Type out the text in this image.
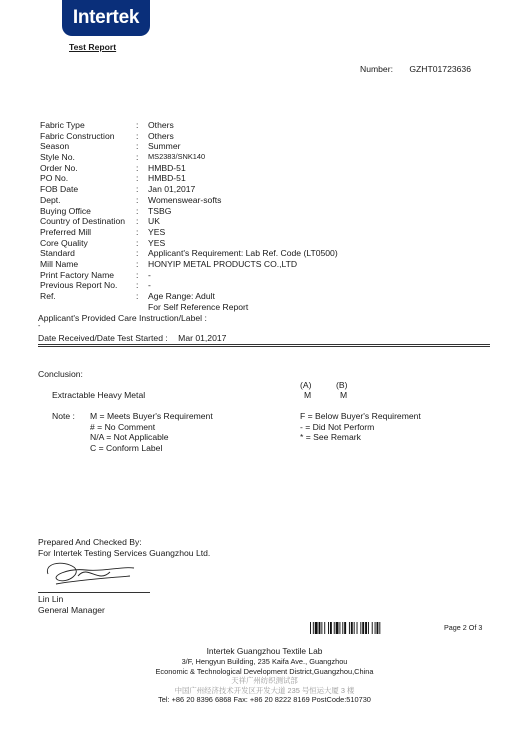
Intertek
Test Report
Number: GZHT01723636
Fabric Type	: Others
Fabric Construction	: Others
Season	: Summer
Style No.	: MS2383/SNK140
Order No.	: HMBD-51
PO No.	: HMBD-51
FOB Date	: Jan 01,2017
Dept.	: Womenswear-softs
Buying Office	: TSBG
Country of Destination	: UK
Preferred Mill	: YES
Core Quality	: YES
Standard	: Applicant's Requirement: Lab Ref. Code (LT0500)
Mill Name	: HONYIP METAL PRODUCTS CO.,LTD
Print Factory Name	: -
Previous Report No.	: -
Ref.	: Age Range: Adult
For Self Reference Report
Applicant's Provided Care Instruction/Label :
-
Date Received/Date Test Started : Mar 01,2017
Conclusion:
(A)	(B)
Extractable Heavy Metal	M	M
Note : M = Meets Buyer's Requirement
# = No Comment
N/A = Not Applicable
C = Conform Label
F = Below Buyer's Requirement
- = Did Not Perform
* = See Remark
Prepared And Checked By:
For Intertek Testing Services Guangzhou Ltd.
Lin Lin
General Manager
Page 2 Of 3
Intertek Guangzhou Textile Lab
3/F, Hengyun Building, 235 Kaifa Ave., Guangzhou
Economic & Technological Development District,Guangzhou,China
天祥广州纺织测试部
中国广州经济技术开发区开发大道 235 号恒运大厦 3 楼
Tel: +86 20 8396 6868 Fax: +86 20 8222 8169 PostCode:510730
